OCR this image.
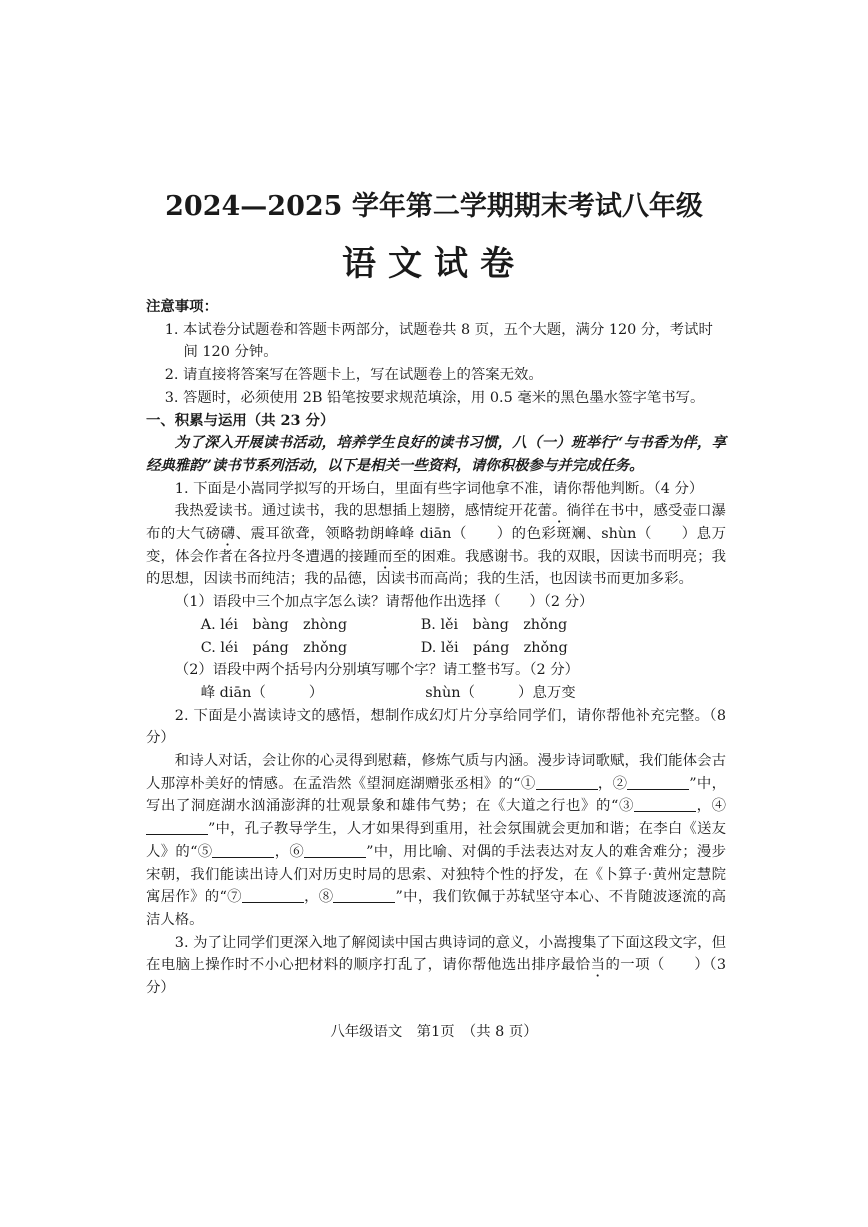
2024—2025 学年第二学期期末考试八年级
语文试卷
注意事项：
1. 本试卷分试题卷和答题卡两部分，试题卷共 8 页，五个大题，满分 120 分，考试时间 120 分钟。
2. 请直接将答案写在答题卡上，写在试题卷上的答案无效。
3. 答题时，必须使用 2B 铅笔按要求规范填涂，用 0.5 毫米的黑色墨水签字笔书写。
一、积累与运用（共 23 分）
为了深入开展读书活动，培养学生良好的读书习惯，八（一）班举行“与书香为伴，享经典雅韵”读书节系列活动，以下是相关一些资料，请你积极参与并完成任务。
1. 下面是小嵩同学拟写的开场白，里面有些字词他拿不准，请你帮他判断。（4 分）
我热爱读书。通过读书，我的思想插上翅膀，感情绽开花蕾。徜徉在书中，感受壶口瀑布的大气磅礴、震耳欲聋，领略勃朗峰峰 diān（　　）的色彩斑斓、shùn（　　）息万变，体会作者在各拉丹冬遭遇的接踵而至的困难。我感谢书。我的双眼，因读书而明亮；我的思想，因读书而纯洁；我的品德，因读书而高尚；我的生活，也因读书而更加多彩。
（1）语段中三个加点字怎么读？请帮他作出选择（　　）（2 分）
A. léi　bàng　zhòng	B. lěi　bàng　zhǒng
C. léi　páng　zhǒng	D. lěi　páng　zhǒng
（2）语段中两个括号内分别填写哪个字？请工整书写。（2 分）
峰 diān（　　　）	shùn（　　　）息万变
2. 下面是小嵩读诗文的感悟，想制作成幻灯片分享给同学们，请你帮他补充完整。（8 分）
和诗人对话，会让你的心灵得到慰藉，修炼气质与内涵。漫步诗词歌赋，我们能体会古人那淳朴美好的情感。在孟浩然《望洞庭湖赠张丞相》的“①	，②	”中，写出了洞庭湖水汹涌澎湃的壮观景象和雄伟气势；在《大道之行也》的“③	，④”中，孔子教导学生，人才如果得到重用，社会氛围就会更加和谐；在李白《送友人》的“⑤	，⑥	”中，用比喻、对偶的手法表达对友人的难舍难分；漫步宋朝，我们能读出诗人们对历史时局的思索、对独特个性的抒发，在《卜算子·黄州定慧院寓居作》的“⑦	，⑧	”中，我们钦佩于苏轼坚守本心、不肯随波逐流的高洁人格。
3. 为了让同学们更深入地了解阅读中国古典诗词的意义，小嵩搜集了下面这段文字，但在电脑上操作时不小心把材料的顺序打乱了，请你帮他选出排序最恰当的一项（　　）（3 分）
八年级语文　第1页　（共 8 页）
